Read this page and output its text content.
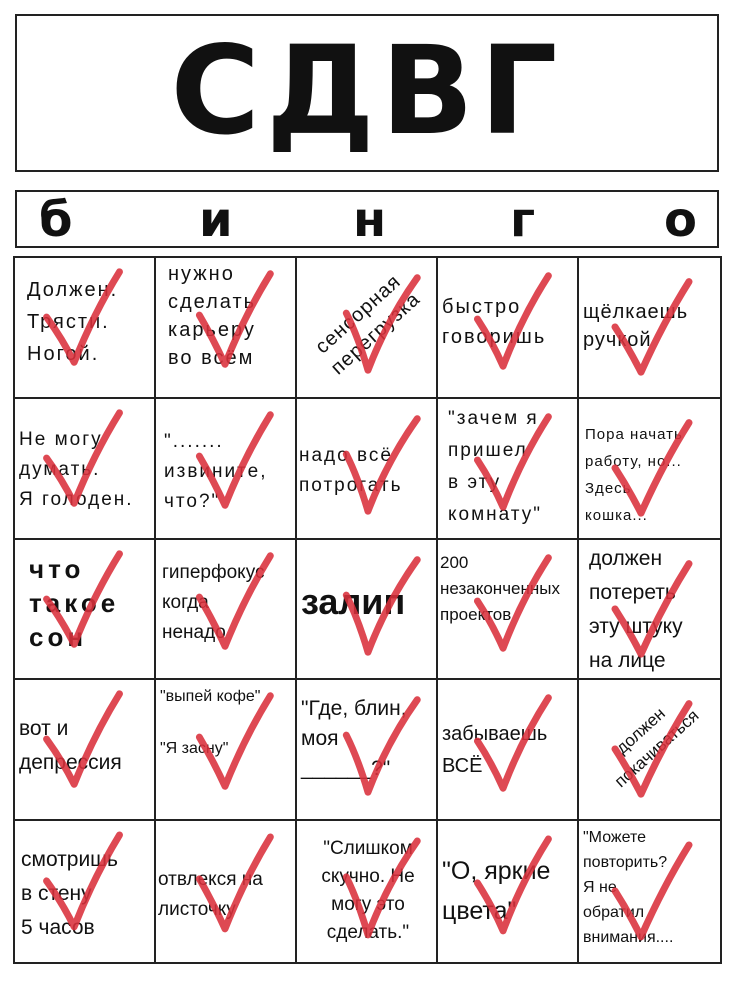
СДВГ
б	и	н	г	о

Должен.
Трясти.
Ногой.

нужно
сделать
карьеру
во всём	сенсорная
перегрузка быстро
говоришь

щёлкаешь
ручкой

Не могу
думать.
Я голоден.

".......
извините,
что?"

надо всё
потрогать

"зачем я
пришел
в эту
комнату"

Пора начать
работу, но...
Здесь
кошка...

что
такое
сон

гиперфокус
когда
ненадо

залип

200
незаконченных
проектов

должен
потереть
эту штуку
на лице

вот и
депрессия

"выпей кофе"

"Я засну"

"Где, блин,
моя
______?"

забываешь
ВСЁ

должен
покачиваться

смотришь
в стену
5 часов

отвлекся на
листочку

"Слишком
скучно. Не
могу это
сделать."

"О, яркие
цвета"

"Можете
повторить?
Я не
обратил
внимания....
